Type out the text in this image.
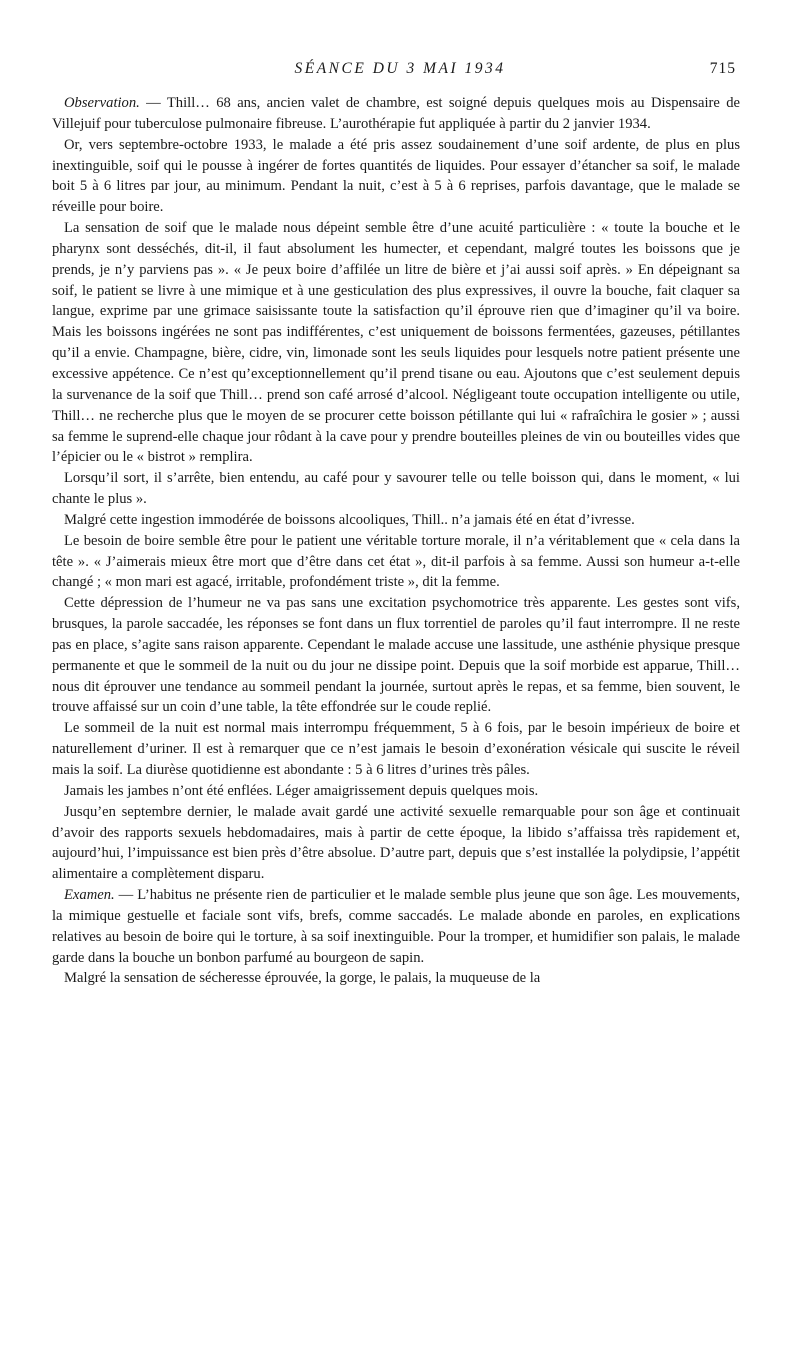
SÉANCE DU 3 MAI 1934	715

Observation. — Thill… 68 ans, ancien valet de chambre, est soigné depuis quelques mois au Dispensaire de Villejuif pour tuberculose pulmonaire fibreuse. L’aurothérapie fut appliquée à partir du 2 janvier 1934.

Or, vers septembre-octobre 1933, le malade a été pris assez soudainement d’une soif ardente, de plus en plus inextinguible, soif qui le pousse à ingérer de fortes quantités de liquides. Pour essayer d’étancher sa soif, le malade boit 5 à 6 litres par jour, au minimum. Pendant la nuit, c’est à 5 à 6 reprises, parfois davantage, que le malade se réveille pour boire.

La sensation de soif que le malade nous dépeint semble être d’une acuité particulière : « toute la bouche et le pharynx sont desséchés, dit-il, il faut absolument les humecter, et cependant, malgré toutes les boissons que je prends, je n’y parviens pas ». « Je peux boire d’affilée un litre de bière et j’ai aussi soif après. » En dépeignant sa soif, le patient se livre à une mimique et à une gesticulation des plus expressives, il ouvre la bouche, fait claquer sa langue, exprime par une grimace saisissante toute la satisfaction qu’il éprouve rien que d’imaginer qu’il va boire. Mais les boissons ingérées ne sont pas indifférentes, c’est uniquement de boissons fermentées, gazeuses, pétillantes qu’il a envie. Champagne, bière, cidre, vin, limonade sont les seuls liquides pour lesquels notre patient présente une excessive appétence. Ce n’est qu’exceptionnellement qu’il prend tisane ou eau. Ajoutons que c’est seulement depuis la survenance de la soif que Thill… prend son café arrosé d’alcool. Négligeant toute occupation intelligente ou utile, Thill… ne recherche plus que le moyen de se procurer cette boisson pétillante qui lui « rafraîchira le gosier » ; aussi sa femme le suprend-elle chaque jour rôdant à la cave pour y prendre bouteilles pleines de vin ou bouteilles vides que l’épicier ou le « bistrot » remplira.

Lorsqu’il sort, il s’arrête, bien entendu, au café pour y savourer telle ou telle boisson qui, dans le moment, « lui chante le plus ».

Malgré cette ingestion immodérée de boissons alcooliques, Thill.. n’a jamais été en état d’ivresse.

Le besoin de boire semble être pour le patient une véritable torture morale, il n’a véritablement que « cela dans la tête ». « J’aimerais mieux être mort que d’être dans cet état », dit-il parfois à sa femme. Aussi son humeur a-t-elle changé ; « mon mari est agacé, irritable, profondément triste », dit la femme.

Cette dépression de l’humeur ne va pas sans une excitation psychomotrice très apparente. Les gestes sont vifs, brusques, la parole saccadée, les réponses se font dans un flux torrentiel de paroles qu’il faut interrompre. Il ne reste pas en place, s’agite sans raison apparente. Cependant le malade accuse une lassitude, une asthénie physique presque permanente et que le sommeil de la nuit ou du jour ne dissipe point. Depuis que la soif morbide est apparue, Thill… nous dit éprouver une tendance au sommeil pendant la journée, surtout après le repas, et sa femme, bien souvent, le trouve affaissé sur un coin d’une table, la tête effondrée sur le coude replié.

Le sommeil de la nuit est normal mais interrompu fréquemment, 5 à 6 fois, par le besoin impérieux de boire et naturellement d’uriner. Il est à remarquer que ce n’est jamais le besoin d’exonération vésicale qui suscite le réveil mais la soif. La diurèse quotidienne est abondante : 5 à 6 litres d’urines très pâles.

Jamais les jambes n’ont été enflées. Léger amaigrissement depuis quelques mois.

Jusqu’en septembre dernier, le malade avait gardé une activité sexuelle remarquable pour son âge et continuait d’avoir des rapports sexuels hebdomadaires, mais à partir de cette époque, la libido s’affaissa très rapidement et, aujourd’hui, l’impuissance est bien près d’être absolue. D’autre part, depuis que s’est installée la polydipsie, l’appétit alimentaire a complètement disparu.

Examen. — L’habitus ne présente rien de particulier et le malade semble plus jeune que son âge. Les mouvements, la mimique gestuelle et faciale sont vifs, brefs, comme saccadés. Le malade abonde en paroles, en explications relatives au besoin de boire qui le torture, à sa soif inextinguible. Pour la tromper, et humidifier son palais, le malade garde dans la bouche un bonbon parfumé au bourgeon de sapin.

Malgré la sensation de sécheresse éprouvée, la gorge, le palais, la muqueuse de la
